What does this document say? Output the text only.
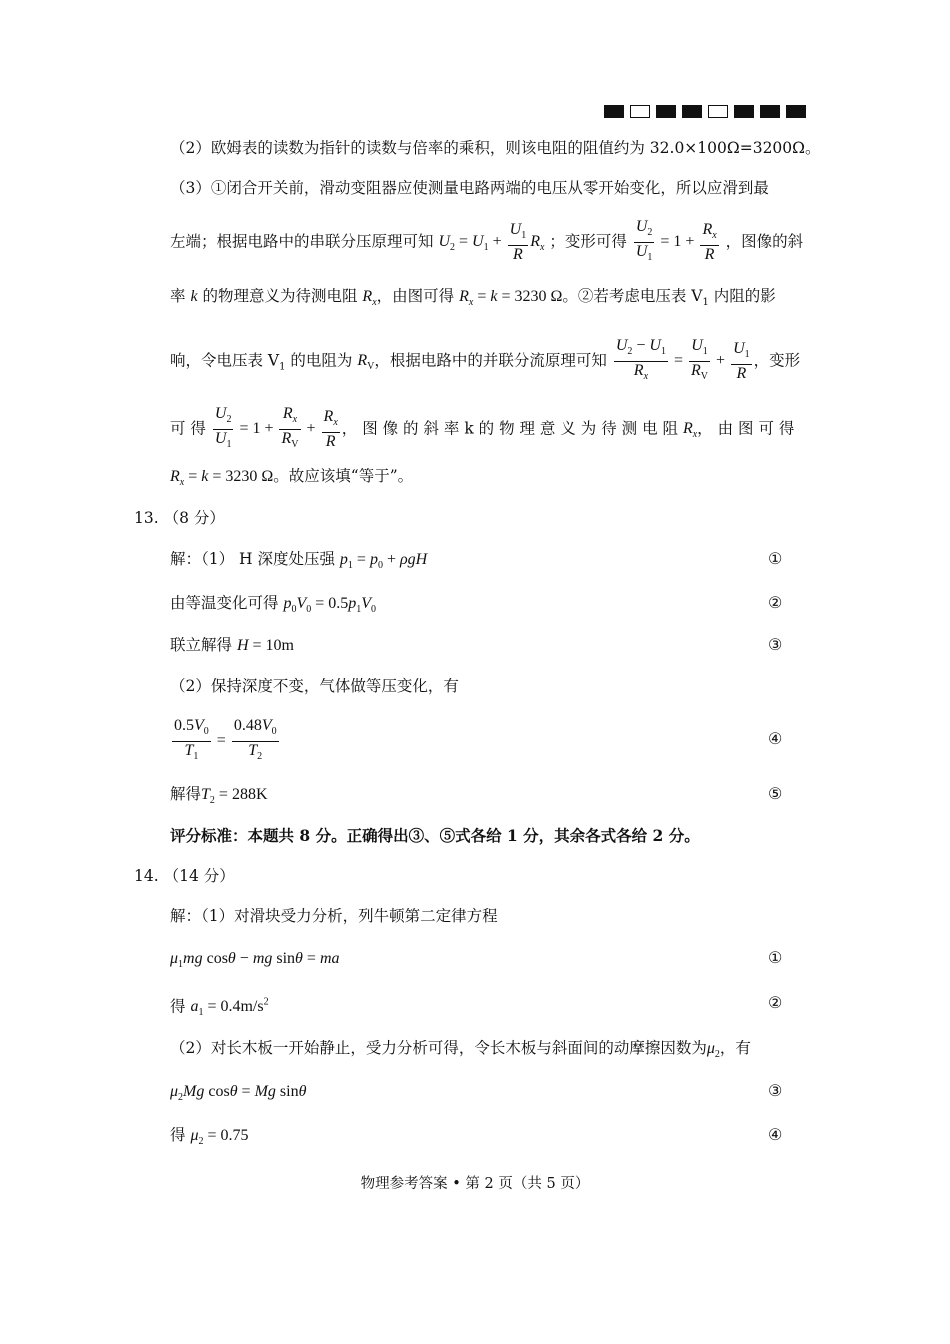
（2）欧姆表的读数为指针的读数与倍率的乘积，则该电阻的阻值约为 32.0×100Ω=3200Ω。
（3）①闭合开关前，滑动变阻器应使测量电路两端的电压从零开始变化，所以应滑到最
左端；根据电路中的串联分压原理可知 $U_2 = U_1 + \frac{U_1}{R} R_x$ ；变形可得 $\frac{U_2}{U_1} = 1 + \frac{R_x}{R}$ ，图像的斜
率 k 的物理意义为待测电阻 $R_x$，由图可得 $R_x = k = 3230$ Ω。②若考虑电压表 $V_1$ 内阻的影
响，令电压表 $V_1$ 的电阻为 $R_V$，根据电路中的并联分流原理可知 $\frac{U_2 - U_1}{R_x} = \frac{U_1}{R_V} + \frac{U_1}{R}$ ，变形
可 得 $\frac{U_2}{U_1} = 1 + \frac{R_x}{R_V} + \frac{R_x}{R}$ ， 图 像 的 斜 率 k 的 物 理 意 义 为 待 测 电 阻 $R_x$， 由 图 可 得
$R_x = k = 3230$ Ω。故应该填“等于”。
13. （8 分）
解：（1） H 深度处压强 $p_1 = p_0 + \rho gH$	①
由等温变化可得 $p_0V_0 = 0.5p_1V_0$	②
联立解得 H = 10m	③
（2）保持深度不变，气体做等压变化，有
$\frac{0.5V_0}{T_1} = \frac{0.48V_0}{T_2}$	④
解得$T_2 = 288K$	⑤
评分标准：本题共 8 分。正确得出③、⑤式各给 1 分，其余各式各给 2 分。
14. （14 分）
解：（1）对滑块受力分析，列牛顿第二定律方程
$\mu_1mg$ cosθ − mg sinθ = ma	①
得 $a_1 = 0.4m/s^2$	②
（2）对长木板一开始静止，受力分析可得，令长木板与斜面间的动摩擦因数为$\mu_2$，有
$\mu_2Mg$ cosθ = Mg sinθ	③
得 $\mu_2 = 0.75$	④
物理参考答案 • 第 2 页（共 5 页）
